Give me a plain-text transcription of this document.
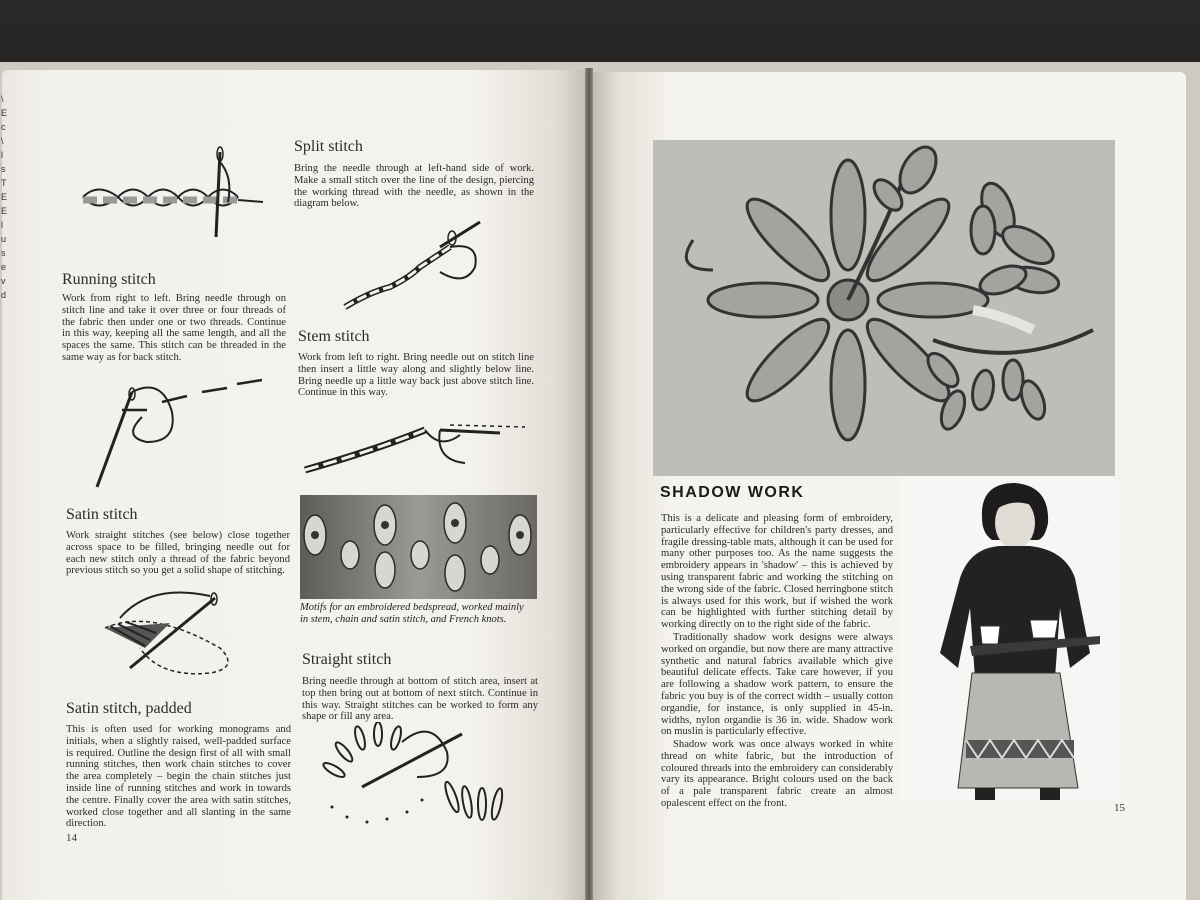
\
E
c
\
l
s
T
E
E
l
u
s
e
v
d
Running stitch

Work from right to left. Bring needle through on stitch line and take it over three or four threads of the fabric then under one or two threads. Continue in this way, keeping all the same length, and all the spaces the same. This stitch can be threaded in the same way as for back stitch.

Satin stitch

Work straight stitches (see below) close together across space to be filled, bringing needle out for each new stitch only a thread of the fabric beyond previous stitch so you get a solid shape of stitching.

Satin stitch, padded

This is often used for working monograms and initials, when a slightly raised, well-padded surface is required. Outline the design first of all with small running stitches, then work chain stitches to cover the area completely – begin the chain stitches just inside line of running stitches and work in towards the centre. Finally cover the area with satin stitches, worked close together and all slanting in the same direction.

14
Split stitch

Bring the needle through at left-hand side of work. Make a small stitch over the line of the design, piercing the working thread with the needle, as shown in the diagram below.

Stem stitch

Work from left to right. Bring needle out on stitch line then insert a little way along and slightly below line. Bring needle up a little way back just above stitch line. Continue in this way.

Motifs for an embroidered bedspread, worked mainly in stem, chain and satin stitch, and French knots.

Straight stitch

Bring needle through at bottom of stitch area, insert at top then bring out at bottom of next stitch. Continue in this way. Straight stitches can be worked to form any shape or fill any area.

SHADOW WORK

This is a delicate and pleasing form of embroidery, particularly effective for children's party dresses, and fragile dressing-table mats, although it can be used for many other purposes too. As the name suggests the embroidery appears in 'shadow' – this is achieved by using transparent fabric and working the stitching on the wrong side of the fabric. Closed herringbone stitch is always used for this work, but if wished the work can be highlighted with further stitching detail by working directly on to the right side of the fabric.

Traditionally shadow work designs were always worked on organdie, but now there are many attractive synthetic and natural fabrics available which give beautiful delicate effects. Take care however, if you are following a shadow work pattern, to ensure the fabric you buy is of the correct width – usually cotton organdie, for instance, is only supplied in 45-in. widths, nylon organdie is 36 in. wide. Shadow work on muslin is particularly effective.

Shadow work was once always worked in white thread on white fabric, but the introduction of coloured threads into the embroidery can considerably vary its appearance. Bright colours used on the back of a pale transparent fabric create an almost opalescent effect on the front.	15
